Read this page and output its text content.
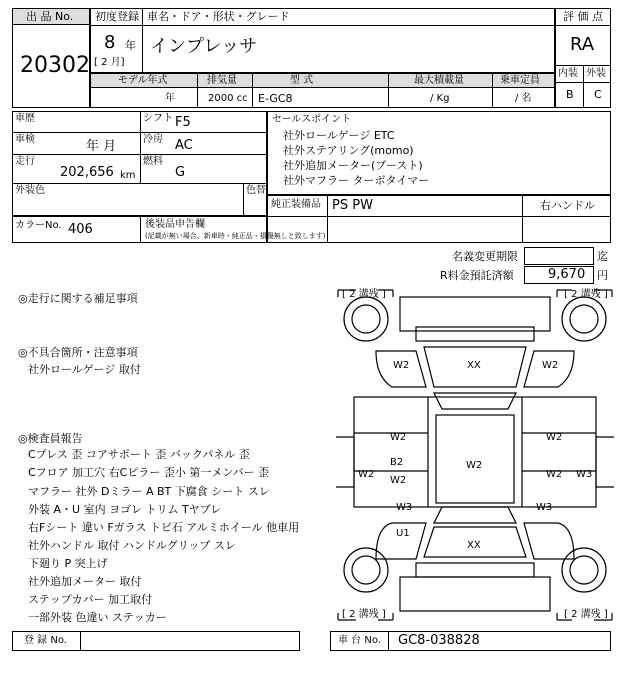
出 品 No.
20302
初度登録 車名・ドア・形状・グレード
8 年
[ 2 月]
インプレッサ
評 価 点
RA
内装 外装
B C
モデル年式	排気量	型 式	最大積載量	乗車定員
年	2000 cc E-GC8	/ Kg	/ 名
車歴
車検	年 月
走行
202,656 km
シフト F5
冷房 AC
燃料
G
外装色	色替
カラーNo. 406	後装品申告欄
(記載が無い場合、新車時・純正品・損傷無しと致します)
セールスポイント
社外ロールゲージ ETC
社外ステアリング(momo)
社外追加メーター(ブースト)
社外マフラー ターボタイマー
純正装備品 PS PW	右ハンドル
名義変更期限	迄
R料金預託済額	9,670 円
◎走行に関する補足事項
◎不具合箇所・注意事項
社外ロールゲージ 取付
◎検査員報告
Cプレス 歪 コアサポート 歪 バックパネル 歪
Cフロア 加工穴 右Cピラー 歪小 第一メンバー 歪
マフラー 社外 Dミラー A BT 下腐食 シート スレ
外装 A・U 室内 ヨゴレ トリム Tヤブレ
右Fシート 違い Fガラス トビ石 アルミホイール 他車用
社外ハンドル 取付 ハンドルグリップ スレ
下廻り P 突上げ
社外追加メーター 取付
ステップカバー 加工取付
一部外装 色違い ステッカー
[ 2 溝残 ]	[ 2 溝残 ]
[ 2 溝残 ]	[ 2 溝残 ]
W2	XX	W2
W2	W2
W2
B2
W2
W2	W2 W3
W3	W3
U1
XX
登 録 No.	車 台 No. GC8-038828
